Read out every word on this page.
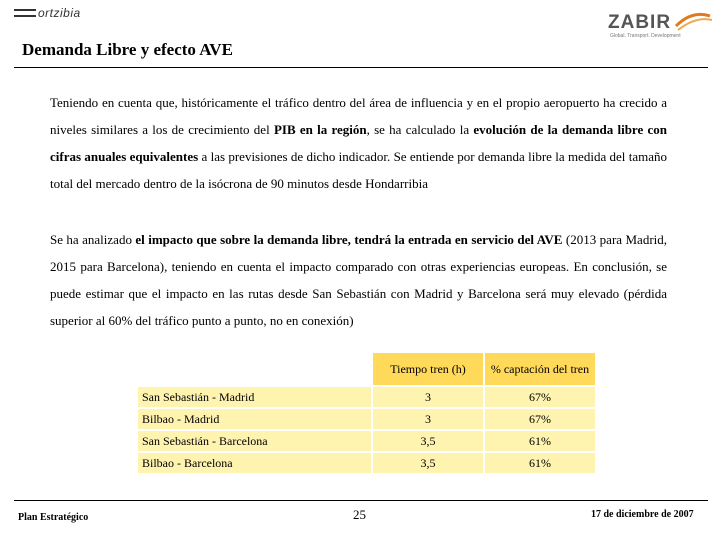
ortzibia	ZABIR
Global. Transport. Development
Demanda Libre y efecto AVE
Teniendo en cuenta que, históricamente el tráfico dentro del área de influencia y en el propio aeropuerto ha crecido a niveles similares a los de crecimiento del PIB en la región, se ha calculado la evolución de la demanda libre con cifras anuales equivalentes a las previsiones de dicho indicador. Se entiende por demanda libre la medida del tamaño total del mercado dentro de la isócrona de 90 minutos desde Hondarribia
Se ha analizado el impacto que sobre la demanda libre, tendrá la entrada en servicio del AVE (2013 para Madrid, 2015 para Barcelona), teniendo en cuenta el impacto comparado con otras experiencias europeas. En conclusión, se puede estimar que el impacto en las rutas desde San Sebastián con Madrid y Barcelona será muy elevado (pérdida superior al 60% del tráfico punto a punto, no en conexión)
	Tiempo tren (h)	% captación del tren
San Sebastián - Madrid	3	67%
Bilbao - Madrid	3	67%
San Sebastián - Barcelona	3,5	61%
Bilbao - Barcelona	3,5	61%
Plan Estratégico	25	17 de diciembre de 2007
